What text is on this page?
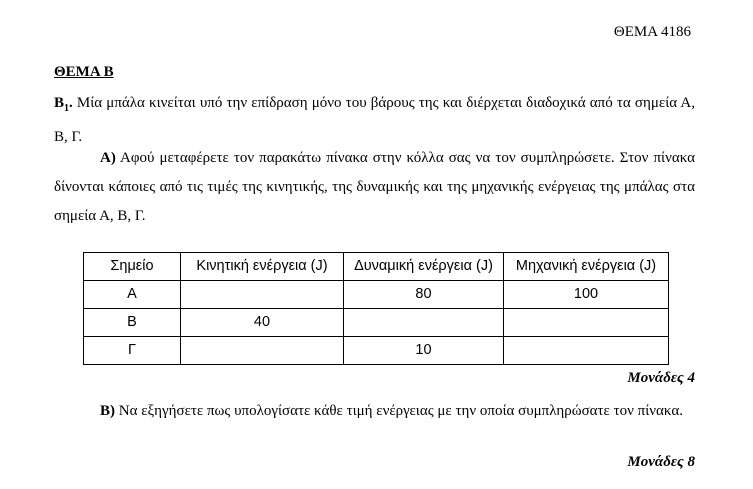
ΘΕΜΑ 4186
ΘΕΜΑ Β
$B_1$. Μία μπάλα κινείται υπό την επίδραση μόνο του βάρους της και διέρχεται διαδοχικά από τα σημεία Α, Β, Γ.
Α) Αφού μεταφέρετε τον παρακάτω πίνακα στην κόλλα σας να τον συμπληρώσετε. Στον πίνακα δίνονται κάποιες από τις τιμές της κινητικής, της δυναμικής και της μηχανικής ενέργειας της μπάλας στα σημεία Α, Β, Γ.
Σημείο	Κινητική ενέργεια (J)	Δυναμική ενέργεια (J)	Μηχανική ενέργεια (J)
Α		80	100
Β	40		
Γ		10	
Μονάδες 4
Β) Να εξηγήσετε πως υπολογίσατε κάθε τιμή ενέργειας με την οποία συμπληρώσατε τον πίνακα.
Μονάδες 8
